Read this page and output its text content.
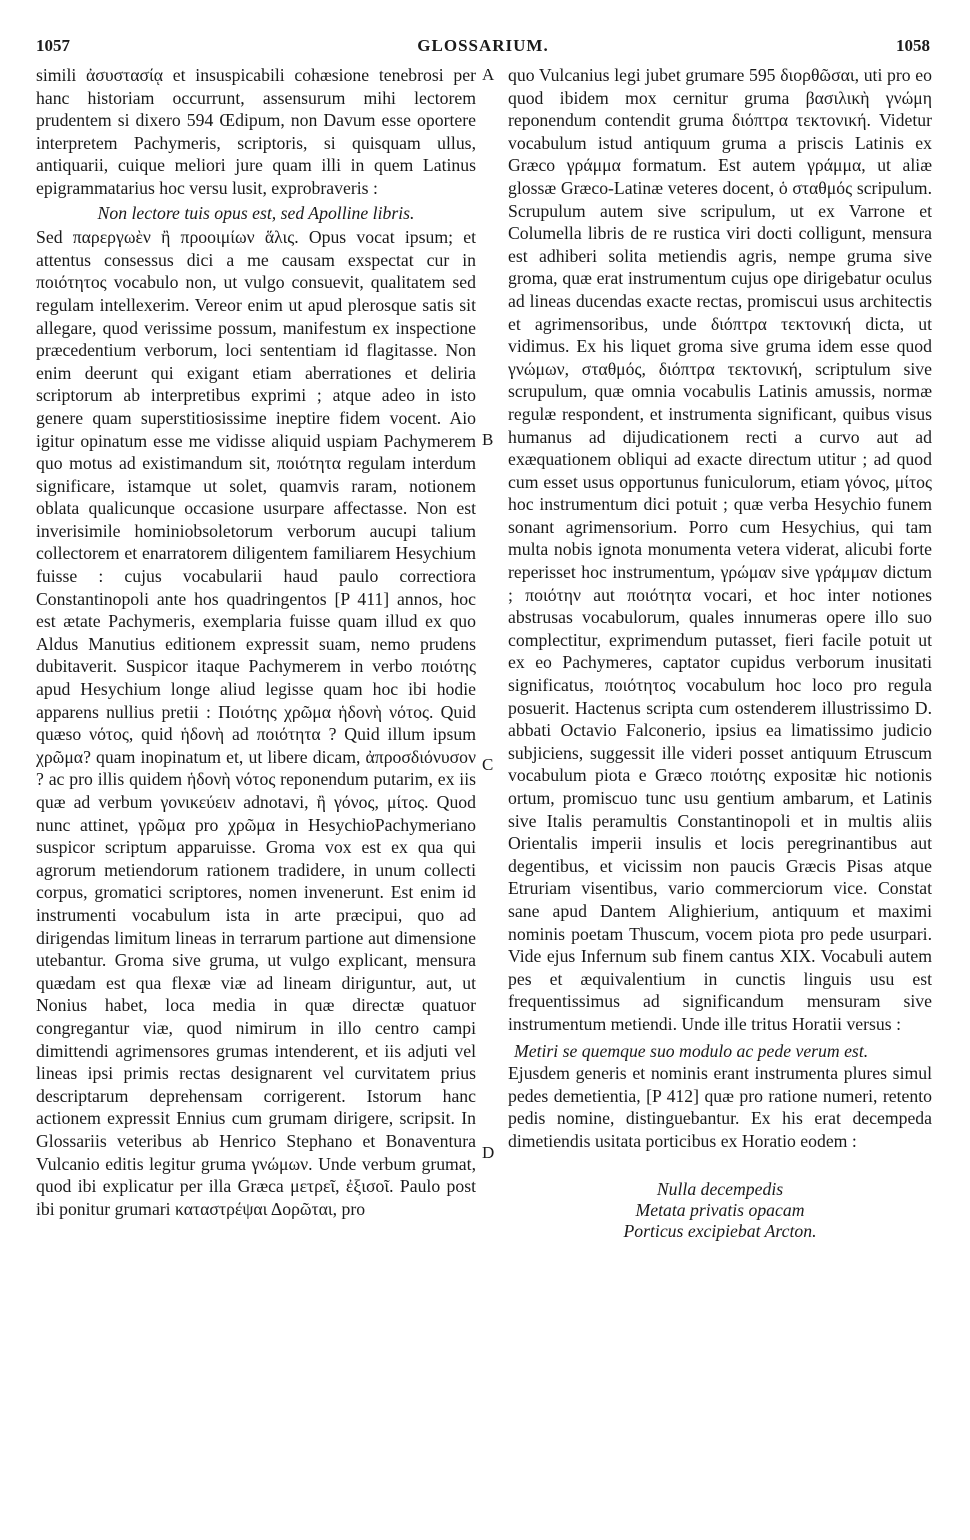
1057	GLOSSARIUM.	1058

simili ἀσυστασίᾳ et insuspicabili cohæsione tenebrosi per hanc historiam occurrunt, assensurum mihi lectorem prudentem si dixero 594 Œdipum, non Davum esse oportere interpretem Pachymeris, scriptoris, si quisquam ullus, antiquarii, cuique meliori jure quam illi in quem Latinus epigrammatarius hoc versu lusit, exprobraveris :

Non lectore tuis opus est, sed Apolline libris.

Sed παρεργωὲν ἢ προοιμίων ἅλις. Opus vocat ipsum; et attentus consessus dici a me causam exspectat cur in ποιότητος vocabulo non, ut vulgo consuevit, qualitatem sed regulam intellexerim. Vereor enim ut apud plerosque satis sit allegare, quod verissime possum, manifestum ex inspectione præcedentium verborum, loci sententiam id flagitasse. Non enim deerunt qui exigant etiam aberrationes et deliria scriptorum ab interpretibus exprimi ; atque adeo in isto genere quam superstitiosissime ineptire fidem vocent. Aio igitur opinatum esse me vidisse aliquid uspiam Pachymerem quo motus ad existimandum sit, ποιότητα regulam interdum significare, istamque ut solet, quamvis raram, notionem oblata qualicunque occasione usurpare affectasse. Non est inverisimile hominiobsoletorum verborum aucupi talium collectorem et enarratorem diligentem familiarem Hesychium fuisse : cujus vocabularii haud paulo correctiora Constantinopoli ante hos quadringentos [P 411] annos, hoc est ætate Pachymeris, exemplaria fuisse quam illud ex quo Aldus Manutius editionem expressit suam, nemo prudens dubitaverit. Suspicor itaque Pachymerem in verbo ποιότης apud Hesychium longe aliud legisse quam hoc ibi hodie apparens nullius pretii : Ποιότης χρῶμα ἡδονὴ νότος. Quid quæso νότος, quid ἡδονὴ ad ποιότητα ? Quid illum ipsum χρῶμα? quam inopinatum et, ut libere dicam, ἀπροσδιόνυσον ? ac pro illis quidem ἡδονὴ νότος reponendum putarim, ex iis quæ ad verbum γονικεύειν adnotavi, ἢ γόνος, μίτος. Quod nunc attinet, γρῶμα pro χρῶμα in HesychioPachymeriano suspicor scriptum apparuisse. Groma vox est ex qua qui agrorum metiendorum rationem tradidere, in unum collecti corpus, gromatici scriptores, nomen invenerunt. Est enim id instrumenti vocabulum ista in arte præcipui, quo ad dirigendas limitum lineas in terrarum partione aut dimensione utebantur. Groma sive gruma, ut vulgo explicant, mensura quædam est qua flexæ viæ ad lineam diriguntur, aut, ut Nonius habet, loca media in quæ directæ quatuor congregantur viæ, quod nimirum in illo centro campi dimittendi agrimensores grumas intenderent, et iis adjuti vel lineas ipsi primis rectas designarent vel curvitatem prius descriptarum deprehensam corrigerent. Istorum hanc actionem expressit Ennius cum grumam dirigere, scripsit. In Glossariis veteribus ab Henrico Stephano et Bonaventura Vulcanio editis legitur gruma γνώμων. Unde verbum grumat, quod ibi explicatur per illa Græca μετρεῖ, ἐξισοῖ. Paulo post ibi ponitur grumari καταστρέψαι Δορῶται, pro

A
B
C
D

quo Vulcanius legi jubet grumare 595 διορθῶσαι, uti pro eo quod ibidem mox cernitur gruma βασιλικὴ γνώμη reponendum contendit gruma διόπτρα τεκτονική. Videtur vocabulum istud antiquum gruma a priscis Latinis ex Græco γράμμα formatum. Est autem γράμμα, ut aliæ glossæ Græco-Latinæ veteres docent, ὁ σταθμός scripulum. Scrupulum autem sive scripulum, ut ex Varrone et Columella libris de re rustica viri docti colligunt, mensura est adhiberi solita metiendis agris, nempe gruma sive groma, quæ erat instrumentum cujus ope dirigebatur oculus ad lineas ducendas exacte rectas, promiscui usus architectis et agrimensoribus, unde διόπτρα τεκτονική dicta, ut vidimus. Ex his liquet groma sive gruma idem esse quod γνώμων, σταθμός, διόπτρα τεκτονική, scriptulum sive scrupulum, quæ omnia vocabulis Latinis amussis, normæ regulæ respondent, et instrumenta significant, quibus visus humanus ad dijudicationem recti a curvo aut ad exæquationem obliqui ad exacte directum utitur ; ad quod cum esset usus opportunus funiculorum, etiam γόνος, μίτος hoc instrumentum dici potuit ; quæ verba Hesychio funem sonant agrimensorium. Porro cum Hesychius, qui tam multa nobis ignota monumenta vetera viderat, alicubi forte reperisset hoc instrumentum, γρώμαν sive γράμμαν dictum ; ποιότην aut ποιότητα vocari, et hoc inter notiones abstrusas vocabulorum, quales innumeras opere illo suo complectitur, exprimendum putasset, fieri facile potuit ut ex eo Pachymeres, captator cupidus verborum inusitati significatus, ποιότητος vocabulum hoc loco pro regula posuerit. Hactenus scripta cum ostenderem illustrissimo D. abbati Octavio Falconerio, ipsius ea limatissimo judicio subjiciens, suggessit ille videri posset antiquum Etruscum vocabulum piota e Græco ποιότης expositæ hic notionis ortum, promiscuo tunc usu gentium ambarum, et Latinis sive Italis peramultis Constantinopoli et in multis aliis Orientalis imperii insulis et locis peregrinantibus aut degentibus, et vicissim non paucis Græcis Pisas atque Etruriam visentibus, vario commerciorum vice. Constat sane apud Dantem Alighierium, antiquum et maximi nominis poetam Thuscum, vocem piota pro pede usurpari. Vide ejus Infernum sub finem cantus XIX. Vocabuli autem pes et æquivalentium in cunctis linguis usu est frequentissimus ad significandum mensuram sive instrumentum metiendi. Unde ille tritus Horatii versus :

Metiri se quemque suo modulo ac pede verum est.

Ejusdem generis et nominis erant instrumenta plures simul pedes demetientia, [P 412] quæ pro ratione numeri, retento pedis nomine, distinguebantur. Ex his erat decempeda dimetiendis usitata porticibus ex Horatio eodem :

Nulla decempedis
Metata privatis opacam
Porticus excipiebat Arcton.
